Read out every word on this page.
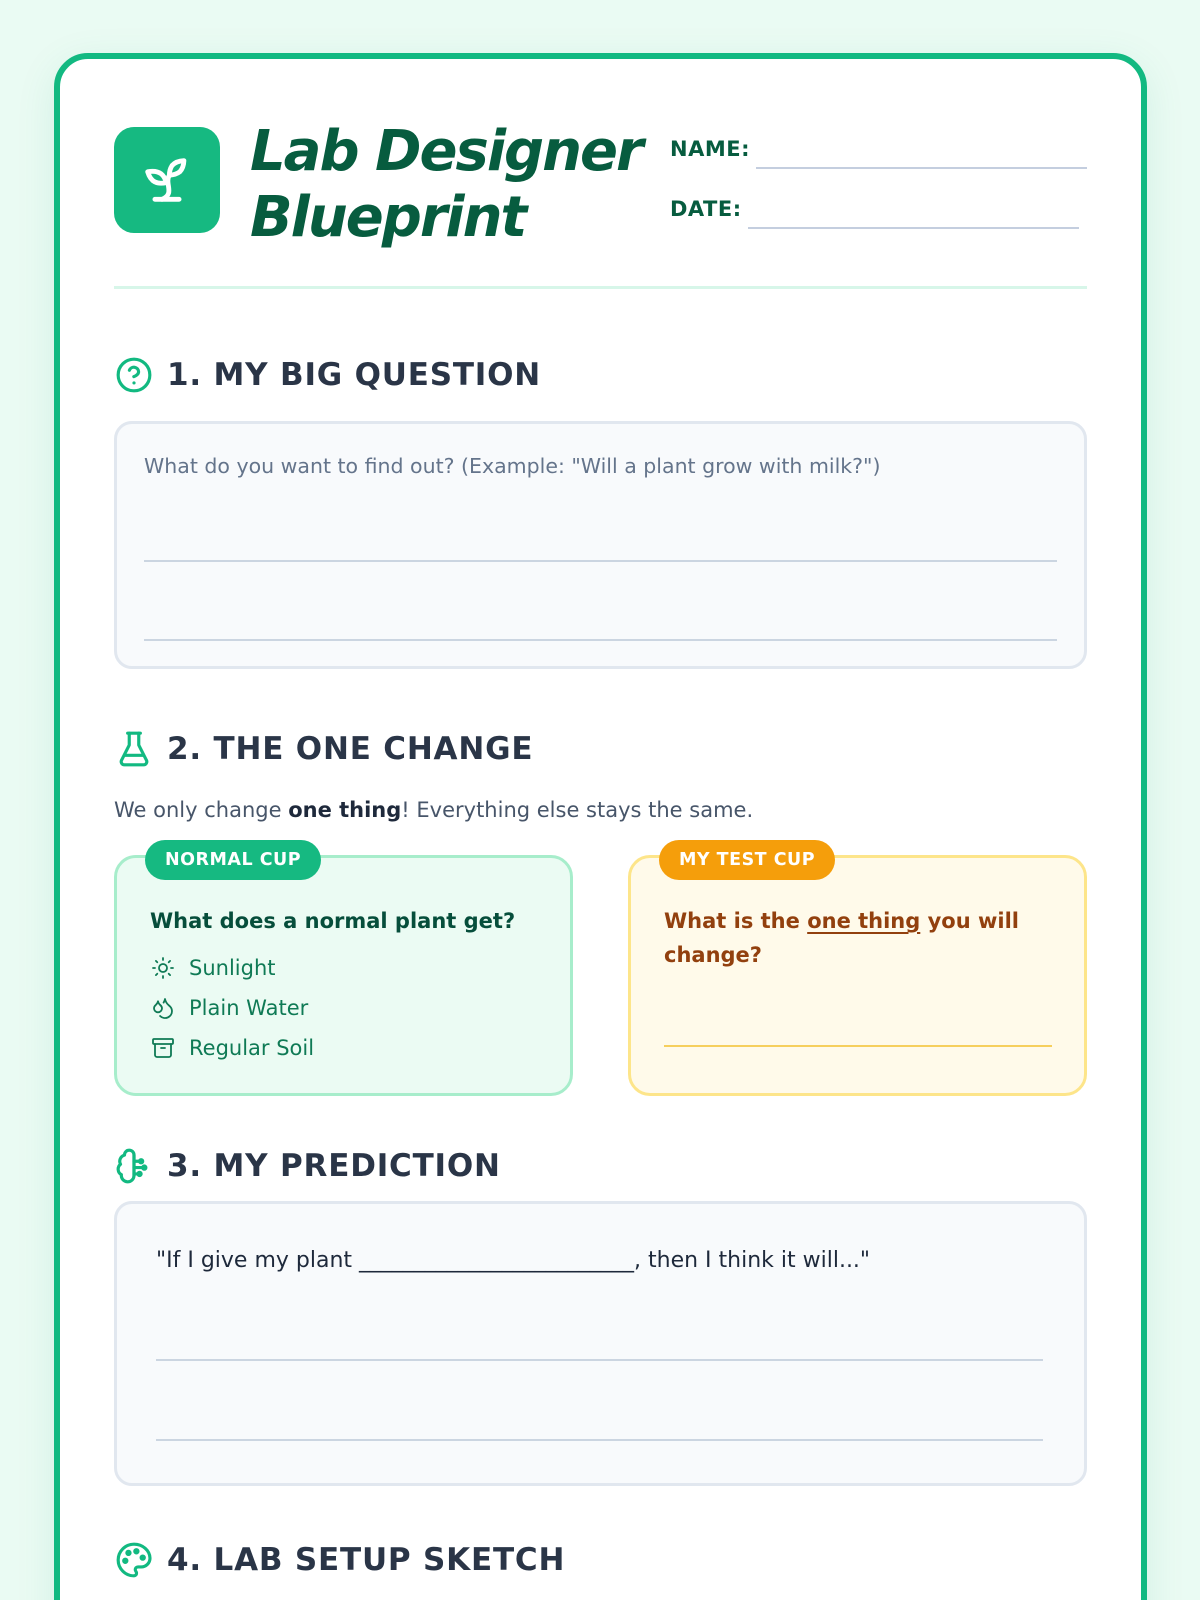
Lab Designer
Blueprint
NAME:
DATE:
1. MY BIG QUESTION
What do you want to find out? (Example: "Will a plant grow with milk?")
2. THE ONE CHANGE
We only change one thing! Everything else stays the same.
NORMAL CUP
What does a normal plant get?
Sunlight
Plain Water
Regular Soil
MY TEST CUP
What is the one thing you will change?
3. MY PREDICTION
"If I give my plant _________________________, then I think it will..."
4. LAB SETUP SKETCH
